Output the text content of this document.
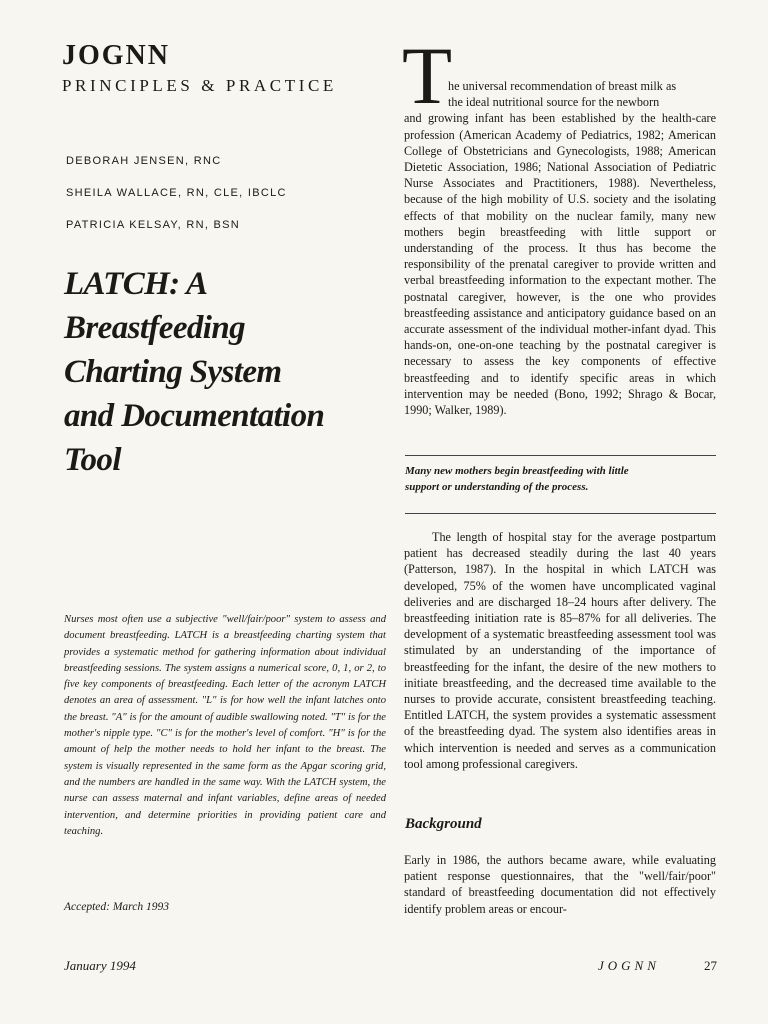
JOGNN
PRINCIPLES & PRACTICE
DEBORAH JENSEN, RNC
SHEILA WALLACE, RN, CLE, IBCLC
PATRICIA KELSAY, RN, BSN
LATCH: A
Breastfeeding
Charting System
and Documentation
Tool
Nurses most often use a subjective "well/fair/poor" system to assess and document breastfeeding. LATCH is a breastfeeding charting system that provides a systematic method for gathering information about individual breastfeeding sessions. The system assigns a numerical score, 0, 1, or 2, to five key components of breastfeeding. Each letter of the acronym LATCH denotes an area of assessment. "L" is for how well the infant latches onto the breast. "A" is for the amount of audible swallowing noted. "T" is for the mother's nipple type. "C" is for the mother's level of comfort. "H" is for the amount of help the mother needs to hold her infant to the breast. The system is visually represented in the same form as the Apgar scoring grid, and the numbers are handled in the same way. With the LATCH system, the nurse can assess maternal and infant variables, define areas of needed intervention, and determine priorities in providing patient care and teaching.
Accepted: March 1993
January 1994
T

he universal recommendation of breast milk as

the ideal nutritional source for the newborn

and growing infant has been established by the health-care profession (American Academy of Pediatrics, 1982; American College of Obstetricians and Gynecologists, 1988; American Dietetic Association, 1986; National Association of Pediatric Nurse Associates and Practitioners, 1988). Nevertheless, because of the high mobility of U.S. society and the isolating effects of that mobility on the nuclear family, many new mothers begin breastfeeding with little support or understanding of the process. It thus has become the responsibility of the prenatal caregiver to provide written and verbal breastfeeding information to the expectant mother. The postnatal caregiver, however, is the one who provides breastfeeding assistance and anticipatory guidance based on an accurate assessment of the individual mother-infant dyad. This hands-on, one-on-one teaching by the postnatal caregiver is necessary to assess the key components of effective breastfeeding and to identify specific areas in which intervention may be needed (Bono, 1992; Shrago & Bocar, 1990; Walker, 1989).

Many new mothers begin breastfeeding with little support or understanding of the process.
The length of hospital stay for the average postpartum patient has decreased steadily during the last 40 years (Patterson, 1987). In the hospital in which LATCH was developed, 75% of the women have uncomplicated vaginal deliveries and are discharged 18–24 hours after delivery. The breastfeeding initiation rate is 85–87% for all deliveries. The development of a systematic breastfeeding assessment tool was stimulated by an understanding of the importance of breastfeeding for the infant, the desire of the new mothers to initiate breastfeeding, and the decreased time available to the nurses to provide accurate, consistent breastfeeding teaching. Entitled LATCH, the system provides a systematic assessment of the breastfeeding dyad. The system also identifies areas in which intervention is needed and serves as a communication tool among professional caregivers.
Background
Early in 1986, the authors became aware, while evaluating patient response questionnaires, that the "well/fair/poor" standard of breastfeeding documentation did not effectively identify problem areas or encour-
JOGNN	27
